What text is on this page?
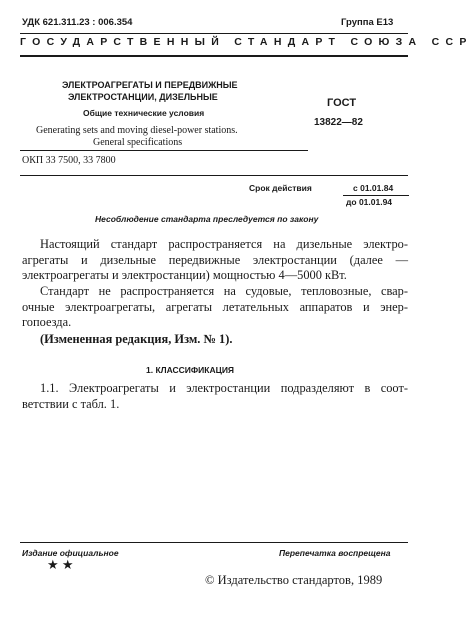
УДК 621.311.23 : 006.354	Группа Е13
ГОСУДАРСТВЕННЫЙ СТАНДАРТ СОЮЗА ССР
ЭЛЕКТРОАГРЕГАТЫ И ПЕРЕДВИЖНЫЕ
ЭЛЕКТРОСТАНЦИИ, ДИЗЕЛЬНЫЕ
Общие технические условия
Generating sets and moving diesel-power stations.
General specifications
ГОСТ
13822—82
ОКП 33 7500, 33 7800
Срок действия	с 01.01.84
до 01.01.94
Несоблюдение стандарта преследуется по закону
Настоящий стандарт распространяется на дизельные электро-
агрегаты и дизельные передвижные электростанции (далее —
электроагрегаты и электростанции) мощностью 4—5000 кВт.
Стандарт не распространяется на судовые, тепловозные, свар-
очные электроагрегаты, агрегаты летательных аппаратов и энер-
гопоезда.
(Измененная редакция, Изм. № 1).
1. КЛАССИФИКАЦИЯ
1.1. Электроагрегаты и электростанции подразделяют в соот-
ветствии с табл. 1.
Издание официальное
★ ★
Перепечатка воспрещена
© Издательство стандартов, 1989
